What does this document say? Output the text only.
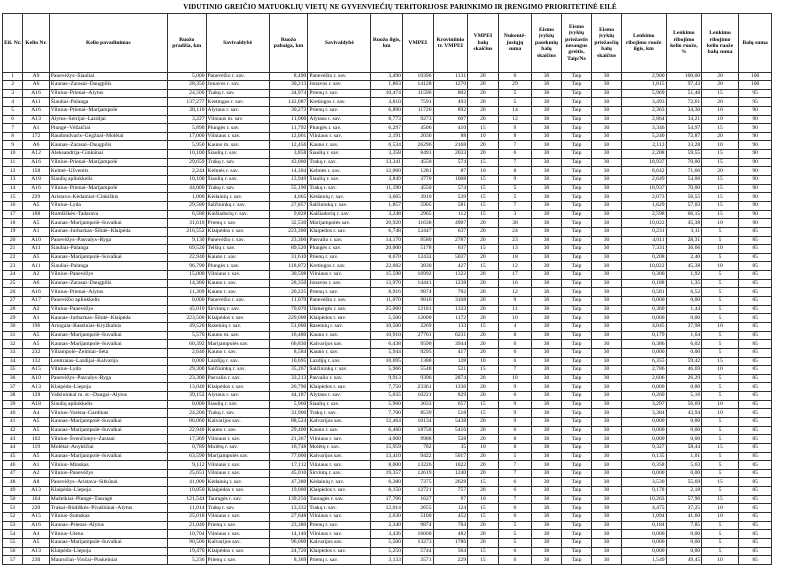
VIDUTINIO GREIČIO MATUOKLIŲ VIETŲ NE GYVENVIEČIŲ TERITORIJOSE PARINKIMO IR ĮRENGIMO PRIORITETINĖ EILĖ
Eil. Nr.	Kelio Nr.	Kelio pavadinimas	Ruožo pradžia, km	Savivaldybė	Ruožo pabaiga, km	Savivaldybė	Ruožo ilgis, km	VMPEI	Kroviniinio tr. VMPEI	VMPEI balų skaičius	Nukentė-jusiųjų suma	Eismo įvykių pasekmių balų skaičius	Eismo įvykių priežastis nesaugus greitis, Taip/Ne	Eismo įvykių priežasčių balų skaičius	Lenkimo ribojimo ruože ilgis, km	Lenkimo ribojimo kelio ruože, %	Lenkimo ribojimo kelio ruože balų suma	Balų suma
1	A9	Panevėžys–Šiauliai	5,000	Panevėžio r. sav.	8,490	Panevėžio r. sav.	3,490	10396	1131	20	6	30	Taip	30	2,900	100,00	20	100
2	A6	Kaunas–Zarasai–Daugpilis	28,350	Jonavos r. sav.	30,213	Jonavos r. sav.	1,863	14128	1270	20	29	30	Taip	30	1,815	97,43	20	100
3	A16	Vilnius–Prienai–Alytus	24,500	Trakų r. sav.	34,974	Prienų r. sav.	10,474	11596	802	20	5	30	Taip	30	5,969	51,48	15	95
4	A11	Šiauliai–Palanga	137,277	Kretingos r. sav.	142,087	Kretingos r. sav.	4,810	7591	493	20	5	30	Taip	30	3,493	72,61	20	95
5	A16	Vilnius–Prienai–Marijampolė	28,110	Alytaus r. sav.	30,273	Prienų r. sav.	6,890	11726	892	20	14	30	Taip	30	2,363	34,30	10	90
6	A13	Alytus–Seirijai–Lazdijai	3,227	Vilniaus m. sav.	11,000	Alytaus r. sav.	8,773	9273	607	20	12	30	Taip	30	2,864	34,21	10	90
7	A1	Plungė–Vėžaičiai	5,890	Plungės r. sav.	11,792	Plungės r. sav.	6,297	4506	410	15	9	30	Taip	30	3,346	54,97	15	90
8	172	Raudondvaris–Gėgžnai–Molėtai	17,000	Vilniaus r. sav.	12,061	Vilniaus r. sav.	2,191	2030	88	10	8	30	Taip	30	5,240	72,87	20	90
9	A6	Kaunas–Zarasai–Daugpilis	5,950	Kauno m. sav.	12,456	Kauno r. sav.	6,534	26296	2168	20	7	30	Taip	30	2,113	33,28	10	90
10	A12	Aleksandrija–Ginkūnai	10,100	Šiaulių r. sav.	3,858	Šiaulių r. sav.	3,358	8491	2033	20	6	30	Taip	30	2,208	59,55	15	90
11	A16	Vilnius–Prienai–Marijampolė	29,659	Trakų r. sav.	43,000	Trakų r. sav.	13,341	4550	574	15	7	30	Taip	30	18,937	70,00	15	90
12	158	Kelmė–Užventis	2,244	Kelmės r. sav.	14,304	Kelmės r. sav.	12,060	1281	87	10	8	30	Taip	30	8,642	71,66	20	90
13	A18	Šiaulių aplinkkelis	10,100	Šiaulių r. sav.	13,949	Šiaulių r. sav.	3,849	3770	1008	15	9	30	Taip	30	2,649	54,06	15	90
14	A16	Vilnius–Prienai–Marijampolė	44,000	Trakų r. sav.	55,190	Trakų r. sav.	11,190	4550	574	15	5	30	Taip	30	18,937	70,00	15	90
15	229	Aristava–Kėdainiai–Cinkiškis	1,000	Kėdainių r. sav.	4,665	Kėdainių r. sav.	3,665	3910	539	15	5	30	Taip	30	2,073	56,55	15	90
16	A5	Vilnius–Lyda	29,580	Šalčininkų r. sav.	27,857	Šalčininkų r. sav.	1,857	5905	581	15	7	30	Taip	30	1,629	57,03	15	90
17	188	Rumšiškės–Tadarava	6,580	Kaišiadorių r. sav.	9,828	Kaišiadorių r. sav.	3,248	2965	112	15	3	30	Taip	30	2,598	66,15	15	90
18	A5	Kaunas–Marijampolė–Suvalkai	31,610	Prienų r. sav.	32,530	Marijampolės sav.	20,920	11638	4907	20	38	30	Taip	30	10,022	45,38	10	90
19	A1	Kaunas–Jurbarkas–Šilutė–Klaipėda	216,552	Klaipėdos r. sav.	223,300	Klaipėdos r. sav.	6,748	12447	637	20	24	30	Taip	30	0,231	3,11	5	85
20	A10	Panevėžys–Pasvalys–Ryga	9,130	Panevėžio r. sav.	23,300	Pasvalio r. sav.	14,170	9580	2787	20	23	30	Taip	30	4,011	28,31	5	85
21	A11	Šiauliai–Palanga	69,520	Telšių r. sav.	89,520	Plungės r. sav.	20,000	5178	637	15	13	30	Taip	30	7,331	36,66	10	85
22	A5	Kaunas–Marijampolė–Suvalkai	22,940	Kauno r. sav.	31,610	Prienų r. sav.	8,670	12432	5037	20	18	30	Taip	30	0,208	2,40	5	85
23	A11	Šiauliai–Palanga	96,790	Plungės r. sav.	118,872	Kretingos r. sav.	22,082	3830	427	15	12	30	Taip	30	10,022	45,38	10	85
24	A2	Vilnius–Panevėžys	15,000	Vilniaus r. sav.	30,598	Vilniaus r. sav.	15,598	16992	1322	20	17	30	Taip	30	0,300	1,92	5	85
25	A6	Kaunas–Zarasai–Daugpilis	14,380	Kauno r. sav.	28,350	Jonavos r. sav.	13,970	14441	1238	20	16	30	Taip	30	0,188	1,35	5	85
26	A16	Vilnius–Prienai–Alytus	11,309	Kauno r. sav.	20,225	Prienų r. sav.	8,916	9874	702	20	12	30	Taip	30	0,581	6,52	5	85
27	A17	Panevėžio aplinkkelis	0,000	Panevėžio r. sav.	11,070	Panevėžio r. sav.	11,070	9816	3168	20	9	30	Taip	30	0,000	0,00	5	85
28	A2	Vilnius–Panevėžys	45,010	Širvintų r. sav.	70,070	Ukmergės r. sav.	25,060	12181	1333	20	11	30	Taip	30	0,360	1,44	5	85
29	A1	Kaunas–Jurbarkas–Šilutė–Klaipėda	223,500	Klaipėdos r. sav.	229,000	Klaipėdos r. sav.	5,500	12000	1172	20	10	30	Taip	30	0,000	0,00	5	85
30	196	Ariogala–Raseiniai–Kryžkalnis	49,520	Raseinių r. sav.	51,000	Raseinių r. sav.	10,500	2269	133	15	4	30	Taip	30	4,045	37,98	10	85
31	A5	Kaunas–Marijampolė–Suvalkai	5,570	Kauno m. sav.	16,480	Kauno r. sav.	10,910	27761	6231	20	8	30	Taip	30	0,179	1,64	5	85
32	A5	Kaunas–Marijampolė–Suvalkai	60,392	Marijampolės sav.	66,830	Kalvarijos sav.	6,438	9590	3944	20	6	30	Taip	30	0,386	6,02	5	85
33	232	Viliampolė–Žeimiai–Šėta	2,640	Kauno r. sav.	8,584	Kauno r. sav.	5,944	9295	417	20	6	30	Taip	30	0,000	0,00	5	85
34	132	Lentiraias–Lazdijai–Kalvarija	0,000	Lazdijų r. sav.	10,695	Lazdijų r. sav.	10,695	1388	128	10	6	30	Taip	30	6,355	59,42	15	85
35	A15	Vilnius–Lyda	29,300	Šalčininkų r. sav.	35,267	Šalčininkų r. sav.	5,966	5548	521	15	7	30	Taip	30	2,786	46,69	10	85
36	A10	Panevėžys–Pasvalys–Ryga	23,300	Pasvalio r. sav.	33,213	Pasvalio r. sav.	9,913	9396	2874	20	10	30	Taip	30	2,606	26,29	5	85
37	A13	Klaipėda–Liepoja	13,040	Klaipėdos r. sav.	20,790	Klaipėdos r. sav.	7,750	23361	1336	20	9	30	Taip	30	0,000	0,00	5	85
38	128	Valkininkai m. st.–Daugai–Alytus	39,152	Alytaus r. sav.	44,187	Alytaus r. sav.	5,035	10221	829	20	6	30	Taip	30	0,260	5,16	5	85
39	A18	Šiaulių aplinkkelis	0,000	Šiaulių r. sav.	5,960	Šiaulių r. sav.	5,960	3033	657	15	9	30	Taip	30	3,297	56,69	10	85
40	A4	Vilnius–Varėna–Gardinas	24,200	Trakų r. sav.	31,900	Trakų r. sav.	7,700	8539	518	15	9	30	Taip	30	3,384	43,94	10	85
41	A5	Kaunas–Marijampolė–Suvalkai	86,060	Kalvarijos sav.	88,524	Kalvarijos sav.	12,464	10134	5438	20	9	30	Taip	30	0,000	0,00	5	85
42	A5	Kaunas–Marijampolė–Suvalkai	22,940	Kauno r. sav.	29,400	Kauno r. sav.	6,460	18758	5416	20	6	30	Taip	30	0,000	0,00	5	85
43	102	Vilnius–Švenčionys–Zarasai	17,369	Vilniaus r. sav.	21,367	Vilniaus r. sav.	4,000	9988	528	20	8	30	Taip	30	0,000	0,00	5	85
44	119	Molėtai–Anykščiai	0,789	Molėtų r. sav.	16,748	Molėtų r. sav.	15,959	782	35	10	8	30	Taip	30	9,327	58,44	15	85
45	A5	Kaunas–Marijampolė–Suvalkai	63,590	Marijampolės sav.	77,000	Kalvarijos sav.	13,410	9422	5017	20	5	30	Taip	30	0,135	1,01	5	85
46	A1	Vilnius–Minskas	9,112	Vilniaus r. sav.	17,112	Vilniaus r. sav.	8,000	13226	1022	20	7	30	Taip	30	0,358	5,63	5	85
47	A2	Vilnius–Panevėžys	25,651	Vilniaus r. sav.	45,010	Širvintų r. sav.	19,357	12619	1240	20	7	30	Taip	30	0,000	0,00	5	85
48	A8	Panevėžys–Aristava–Sitkūnai	41,000	Kėdainių r. sav.	47,380	Kėdainių r. sav.	6,380	7375	2628	15	6	30	Taip	30	3,530	55,69	15	85
49	A13	Klaipėda–Liepoja	10,850	Klaipėdos r. sav.	19,000	Klaipėdos r. sav.	8,150	12721	757	20	6	30	Taip	30	0,178	2,18	5	85
50	164	Mažeikiai–Plungė–Tauragė	121,544	Tauragės r. sav.	139,250	Tauragės r. sav.	17,706	1627	97	10	7	30	Taip	30	10,263	57,96	15	85
51	220	Trakai–Rūdiškės–Pivašiūnai–Alytus	11,014	Trakų r. sav.	13,332	Trakų r. sav.	12,014	2655	124	15	6	30	Taip	30	4,475	37,25	10	85
52	A15	Vilnius–Šumskas	25,018	Vilniaus r. sav.	27,648	Vilniaus r. sav.	2,630	5100	452	15	6	30	Taip	30	1,094	41,60	10	85
53	A16	Kaunas–Prienai–Alytus	21,040	Prienų r. sav.	23,380	Prienų r. sav.	2,340	9874	704	20	5	30	Taip	30	0,184	7,85	5	85
54	A4	Vilnius–Utena	10,704	Vilniaus r. sav.	14,140	Vilniaus r. sav.	3,436	16660	482	20	5	30	Taip	30	0,000	0,00	5	85
55	A5	Kaunas–Marijampolė–Suvalkai	90,500	Kalvarijos sav.	96,000	Kalvarijos sav.	5,500	13273	1786	20	5	30	Taip	30	0,000	0,00	5	85
56	A13	Klaipėda–Liepoja	19,470	Klaipėdos r. sav.	24,720	Klaipėdos r. sav.	5,250	5744	564	15	6	30	Taip	30	0,000	0,00	5	85
57	230	Mauručiai–Vinčai–Puskelniai	5,236	Prienų r. sav.	8,369	Prienų r. sav.	3,133	3571	229	15	6	30	Taip	30	1,549	49,45	10	85
